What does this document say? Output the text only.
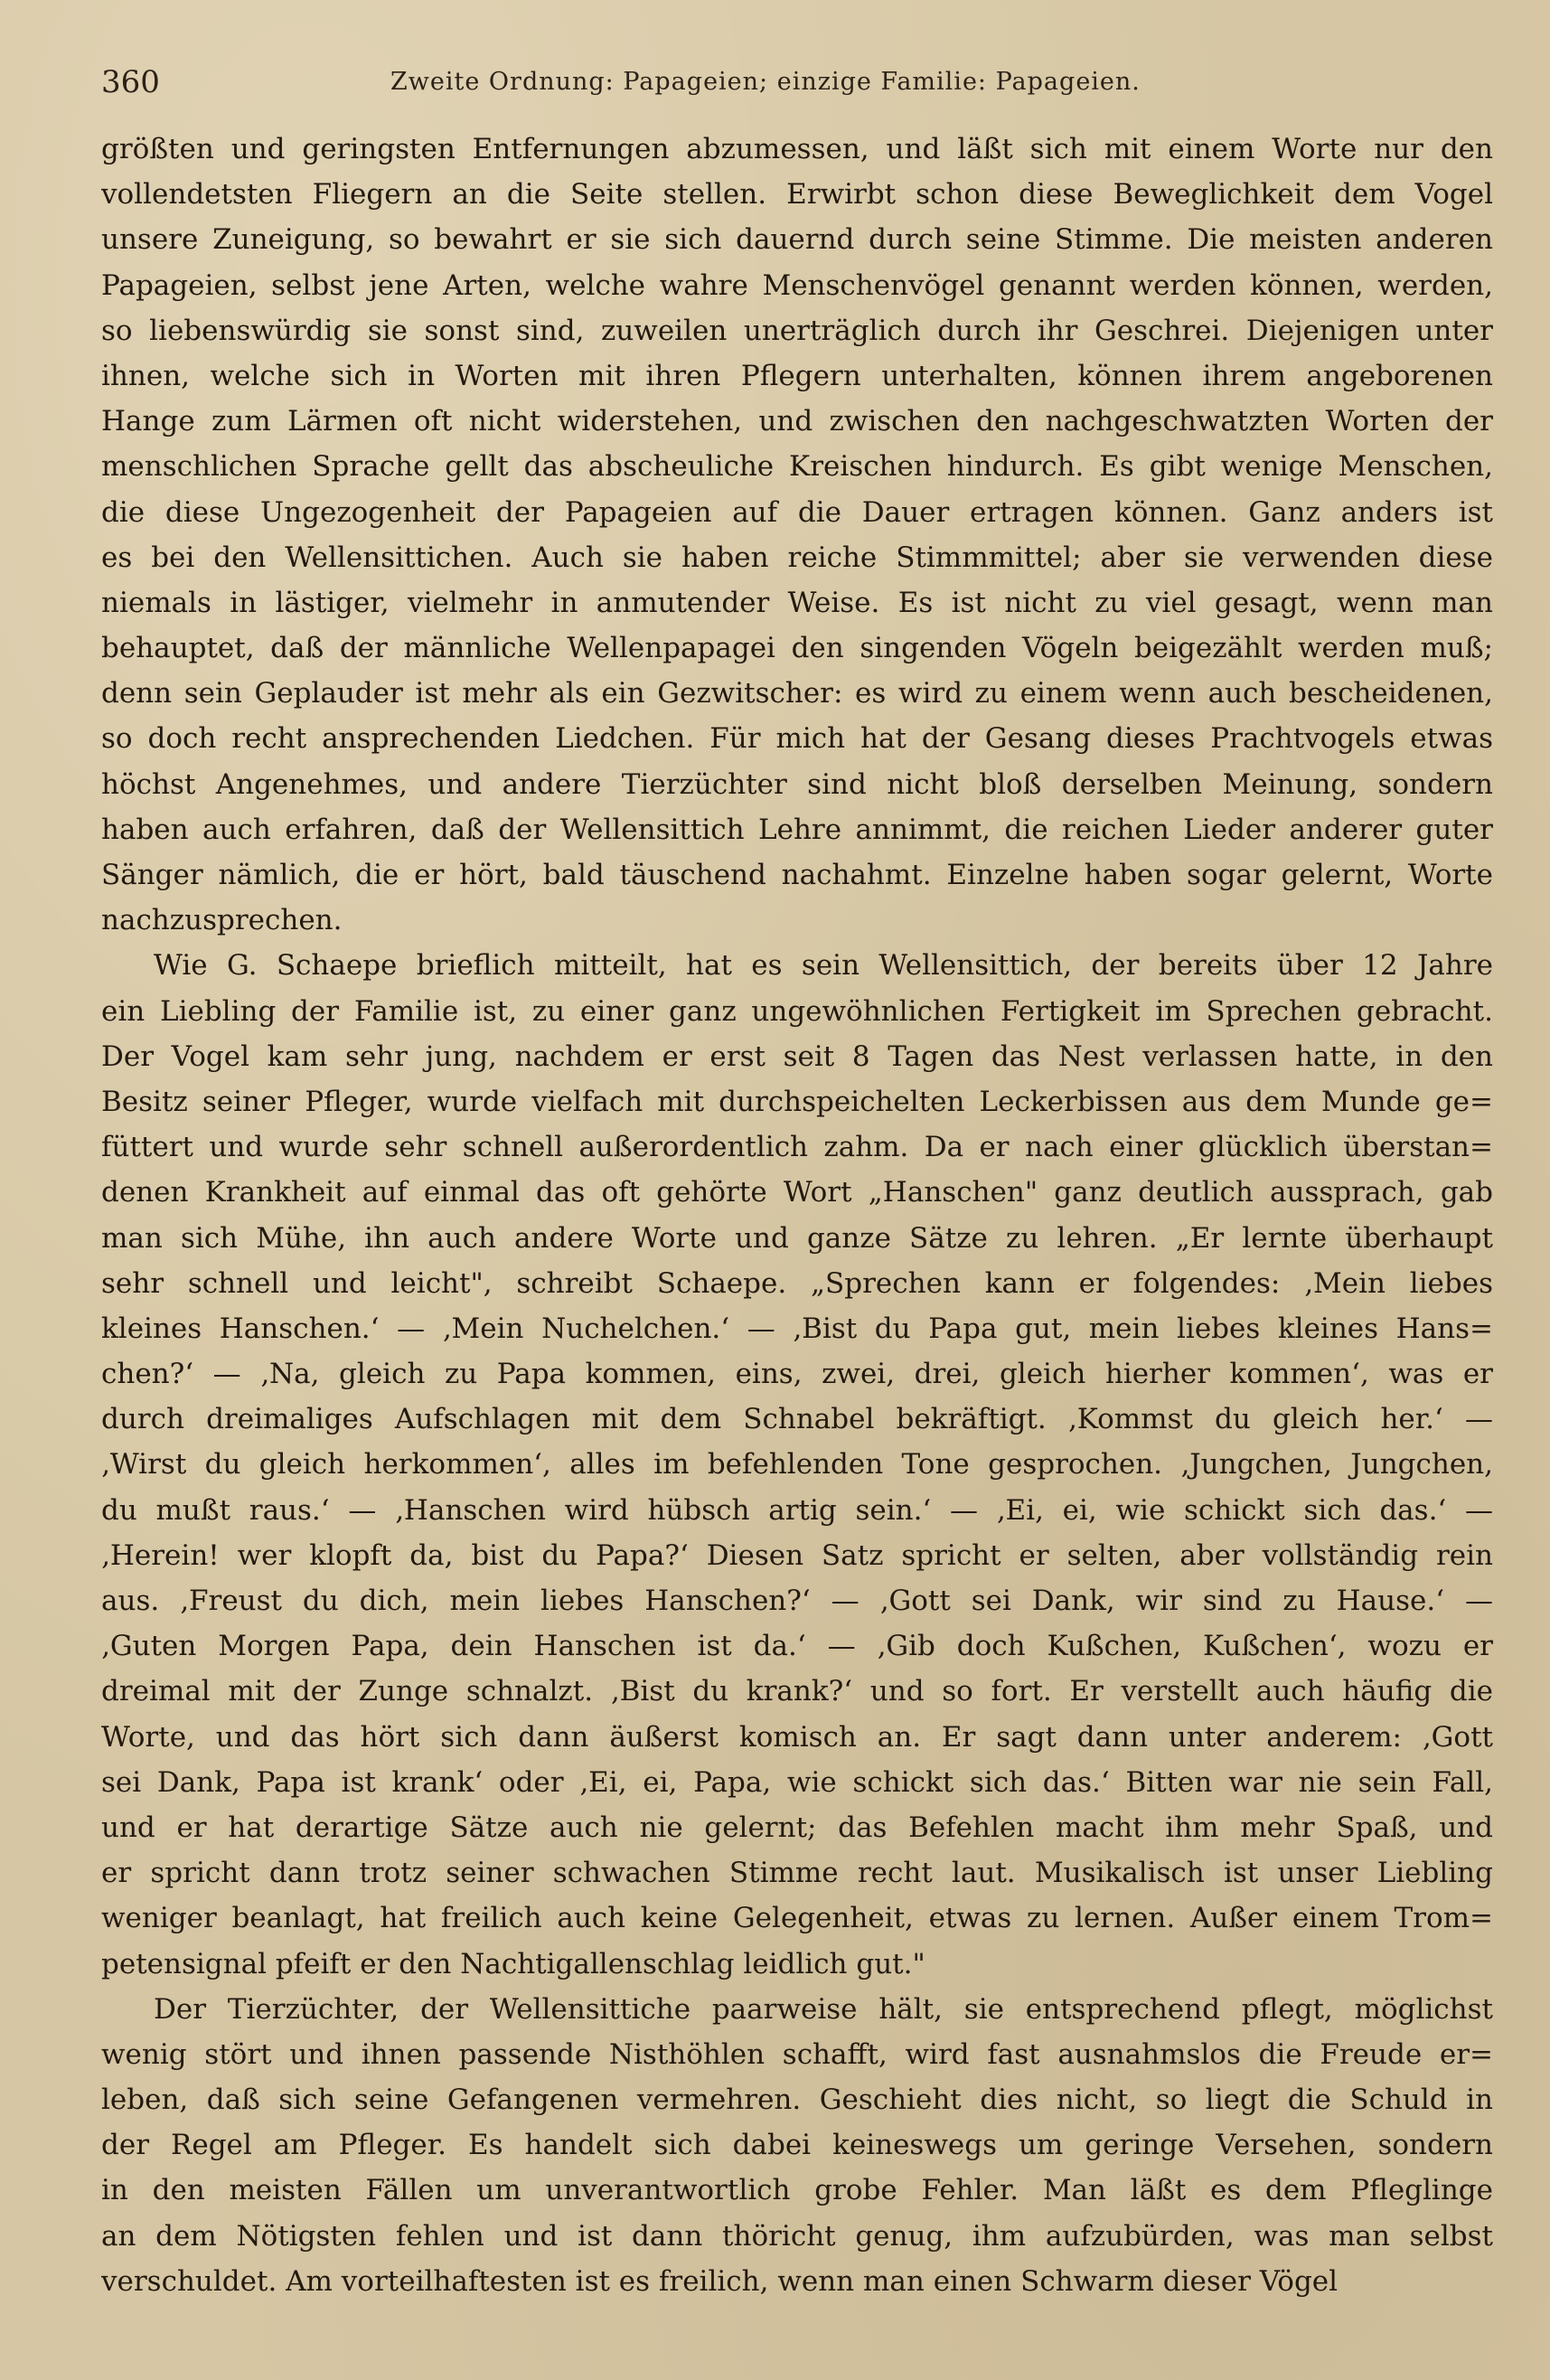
360	Zweite Ordnung: Papageien; einzige Familie: Papageien.
größten und geringsten Entfernungen abzumessen, und läßt sich mit einem Worte nur den
vollendetsten Fliegern an die Seite stellen. Erwirbt schon diese Beweglichkeit dem Vogel
unsere Zuneigung, so bewahrt er sie sich dauernd durch seine Stimme. Die meisten anderen
Papageien, selbst jene Arten, welche wahre Menschenvögel genannt werden können, werden,
so liebenswürdig sie sonst sind, zuweilen unerträglich durch ihr Geschrei. Diejenigen unter
ihnen, welche sich in Worten mit ihren Pflegern unterhalten, können ihrem angeborenen
Hange zum Lärmen oft nicht widerstehen, und zwischen den nachgeschwatzten Worten der
menschlichen Sprache gellt das abscheuliche Kreischen hindurch. Es gibt wenige Menschen,
die diese Ungezogenheit der Papageien auf die Dauer ertragen können. Ganz anders ist
es bei den Wellensittichen. Auch sie haben reiche Stimmmittel; aber sie verwenden diese
niemals in lästiger, vielmehr in anmutender Weise. Es ist nicht zu viel gesagt, wenn man
behauptet, daß der männliche Wellenpapagei den singenden Vögeln beigezählt werden muß;
denn sein Geplauder ist mehr als ein Gezwitscher: es wird zu einem wenn auch bescheidenen,
so doch recht ansprechenden Liedchen. Für mich hat der Gesang dieses Prachtvogels etwas
höchst Angenehmes, und andere Tierzüchter sind nicht bloß derselben Meinung, sondern
haben auch erfahren, daß der Wellensittich Lehre annimmt, die reichen Lieder anderer guter
Sänger nämlich, die er hört, bald täuschend nachahmt. Einzelne haben sogar gelernt, Worte
nachzusprechen.
Wie G. Schaepe brieflich mitteilt, hat es sein Wellensittich, der bereits über 12 Jahre
ein Liebling der Familie ist, zu einer ganz ungewöhnlichen Fertigkeit im Sprechen gebracht.
Der Vogel kam sehr jung, nachdem er erst seit 8 Tagen das Nest verlassen hatte, in den
Besitz seiner Pfleger, wurde vielfach mit durchspeichelten Leckerbissen aus dem Munde ge=
füttert und wurde sehr schnell außerordentlich zahm. Da er nach einer glücklich überstan=
denen Krankheit auf einmal das oft gehörte Wort „Hanschen" ganz deutlich aussprach, gab
man sich Mühe, ihn auch andere Worte und ganze Sätze zu lehren. „Er lernte überhaupt
sehr schnell und leicht", schreibt Schaepe. „Sprechen kann er folgendes: ‚Mein liebes
kleines Hanschen.‘ — ‚Mein Nuchelchen.‘ — ‚Bist du Papa gut, mein liebes kleines Hans=
chen?‘ — ‚Na, gleich zu Papa kommen, eins, zwei, drei, gleich hierher kommen‘, was er
durch dreimaliges Aufschlagen mit dem Schnabel bekräftigt. ‚Kommst du gleich her.‘ —
‚Wirst du gleich herkommen‘, alles im befehlenden Tone gesprochen. ‚Jungchen, Jungchen,
du mußt raus.‘ — ‚Hanschen wird hübsch artig sein.‘ — ‚Ei, ei, wie schickt sich das.‘ —
‚Herein! wer klopft da, bist du Papa?‘ Diesen Satz spricht er selten, aber vollständig rein
aus. ‚Freust du dich, mein liebes Hanschen?‘ — ‚Gott sei Dank, wir sind zu Hause.‘ —
‚Guten Morgen Papa, dein Hanschen ist da.‘ — ‚Gib doch Kußchen, Kußchen‘, wozu er
dreimal mit der Zunge schnalzt. ‚Bist du krank?‘ und so fort. Er verstellt auch häufig die
Worte, und das hört sich dann äußerst komisch an. Er sagt dann unter anderem: ‚Gott
sei Dank, Papa ist krank‘ oder ‚Ei, ei, Papa, wie schickt sich das.‘ Bitten war nie sein Fall,
und er hat derartige Sätze auch nie gelernt; das Befehlen macht ihm mehr Spaß, und
er spricht dann trotz seiner schwachen Stimme recht laut. Musikalisch ist unser Liebling
weniger beanlagt, hat freilich auch keine Gelegenheit, etwas zu lernen. Außer einem Trom=
petensignal pfeift er den Nachtigallenschlag leidlich gut."
Der Tierzüchter, der Wellensittiche paarweise hält, sie entsprechend pflegt, möglichst
wenig stört und ihnen passende Nisthöhlen schafft, wird fast ausnahmslos die Freude er=
leben, daß sich seine Gefangenen vermehren. Geschieht dies nicht, so liegt die Schuld in
der Regel am Pfleger. Es handelt sich dabei keineswegs um geringe Versehen, sondern
in den meisten Fällen um unverantwortlich grobe Fehler. Man läßt es dem Pfleglinge
an dem Nötigsten fehlen und ist dann thöricht genug, ihm aufzubürden, was man selbst
verschuldet. Am vorteilhaftesten ist es freilich, wenn man einen Schwarm dieser Vögel
